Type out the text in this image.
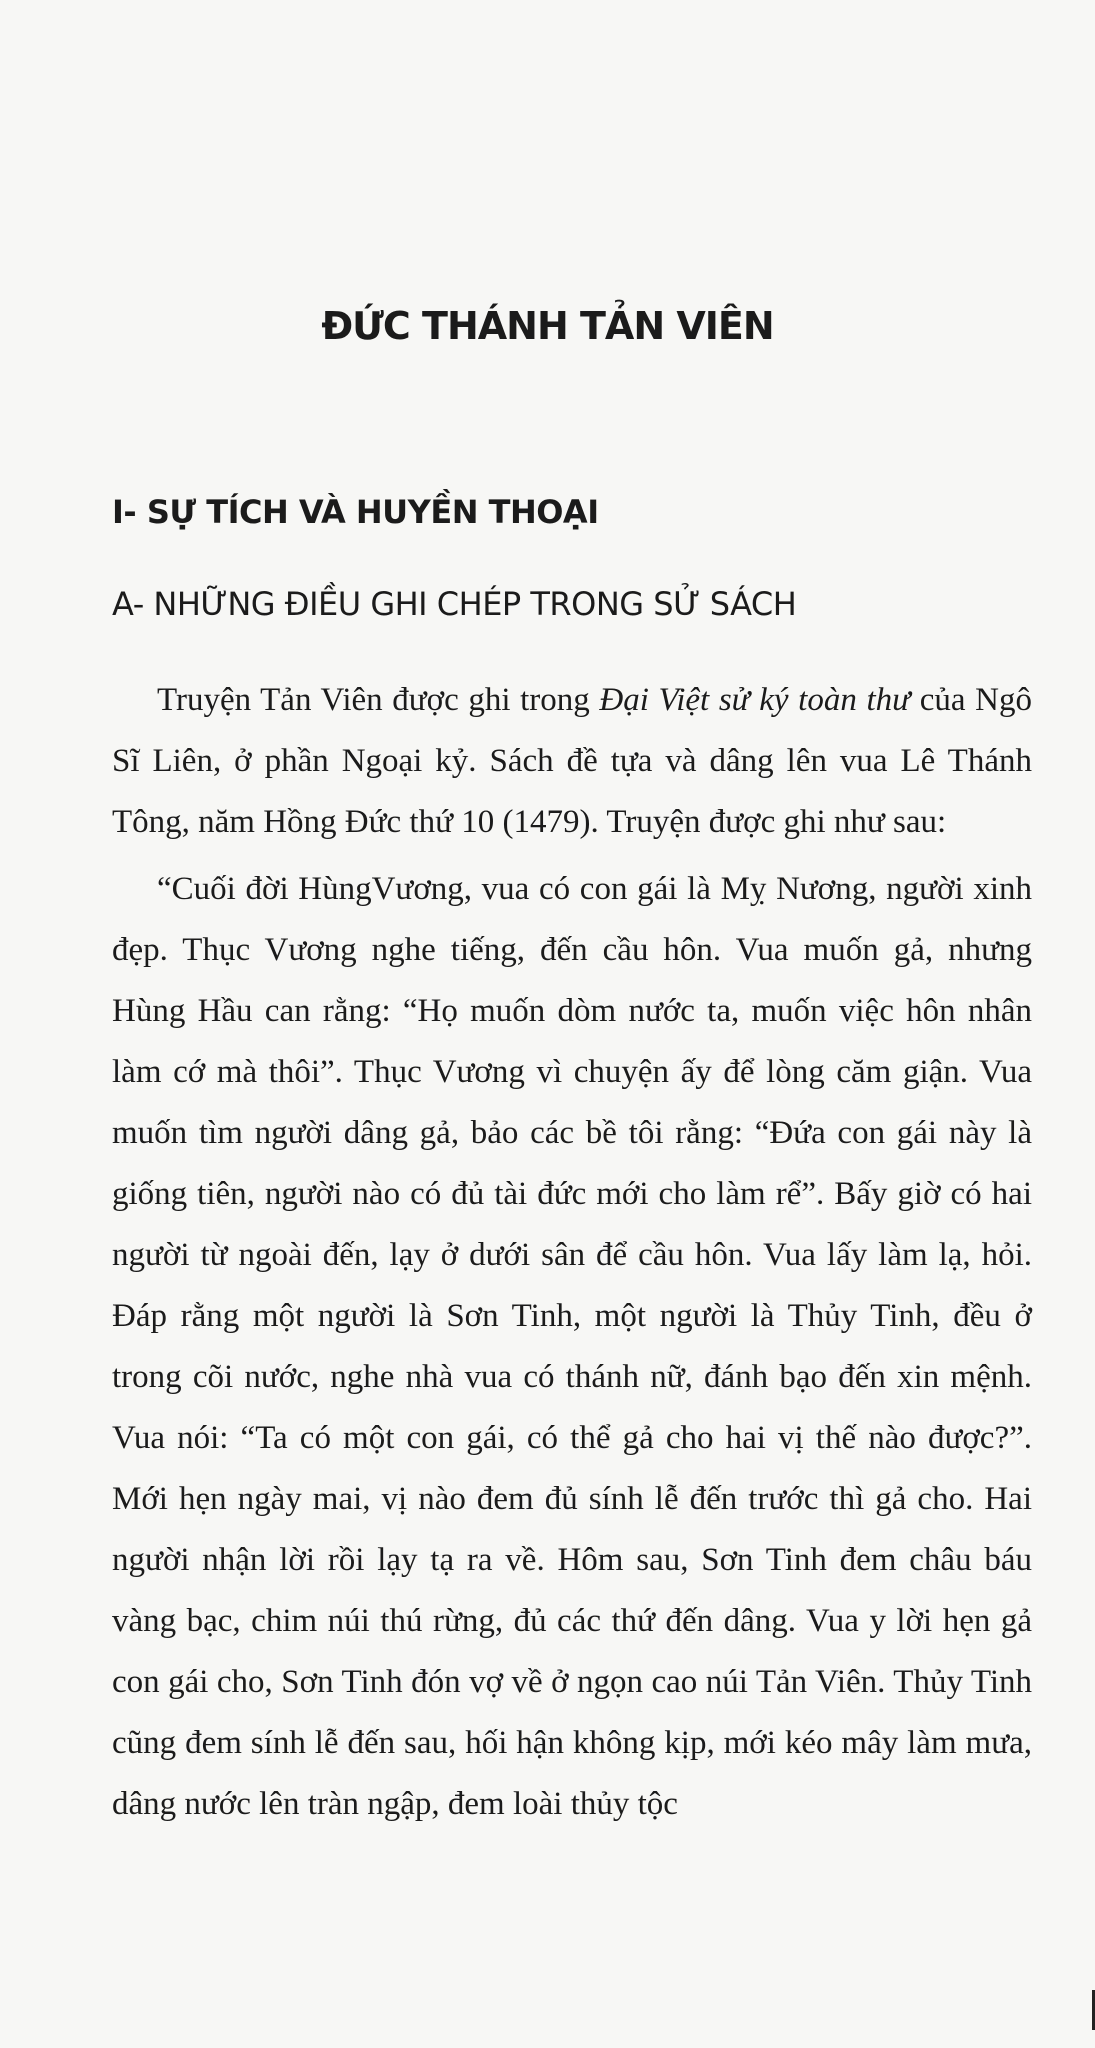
ĐỨC THÁNH TẢN VIÊN
I- SỰ TÍCH VÀ HUYỀN THOẠI
A- NHỮNG ĐIỀU GHI CHÉP TRONG SỬ SÁCH

Truyện Tản Viên được ghi trong Đại Việt sử ký toàn thư của Ngô Sĩ Liên, ở phần Ngoại kỷ. Sách đề tựa và dâng lên vua Lê Thánh Tông, năm Hồng Đức thứ 10 (1479). Truyện được ghi như sau:

“Cuối đời HùngVương, vua có con gái là Mỵ Nương, người xinh đẹp. Thục Vương nghe tiếng, đến cầu hôn. Vua muốn gả, nhưng Hùng Hầu can rằng: “Họ muốn dòm nước ta, muốn việc hôn nhân làm cớ mà thôi”. Thục Vương vì chuyện ấy để lòng căm giận. Vua muốn tìm người dâng gả, bảo các bề tôi rằng: “Đứa con gái này là giống tiên, người nào có đủ tài đức mới cho làm rể”. Bấy giờ có hai người từ ngoài đến, lạy ở dưới sân để cầu hôn. Vua lấy làm lạ, hỏi. Đáp rằng một người là Sơn Tinh, một người là Thủy Tinh, đều ở trong cõi nước, nghe nhà vua có thánh nữ, đánh bạo đến xin mệnh. Vua nói: “Ta có một con gái, có thể gả cho hai vị thế nào được?”. Mới hẹn ngày mai, vị nào đem đủ sính lễ đến trước thì gả cho. Hai người nhận lời rồi lạy tạ ra về. Hôm sau, Sơn Tinh đem châu báu vàng bạc, chim núi thú rừng, đủ các thứ đến dâng. Vua y lời hẹn gả con gái cho, Sơn Tinh đón vợ về ở ngọn cao núi Tản Viên. Thủy Tinh cũng đem sính lễ đến sau, hối hận không kịp, mới kéo mây làm mưa, dâng nước lên tràn ngập, đem loài thủy tộc
